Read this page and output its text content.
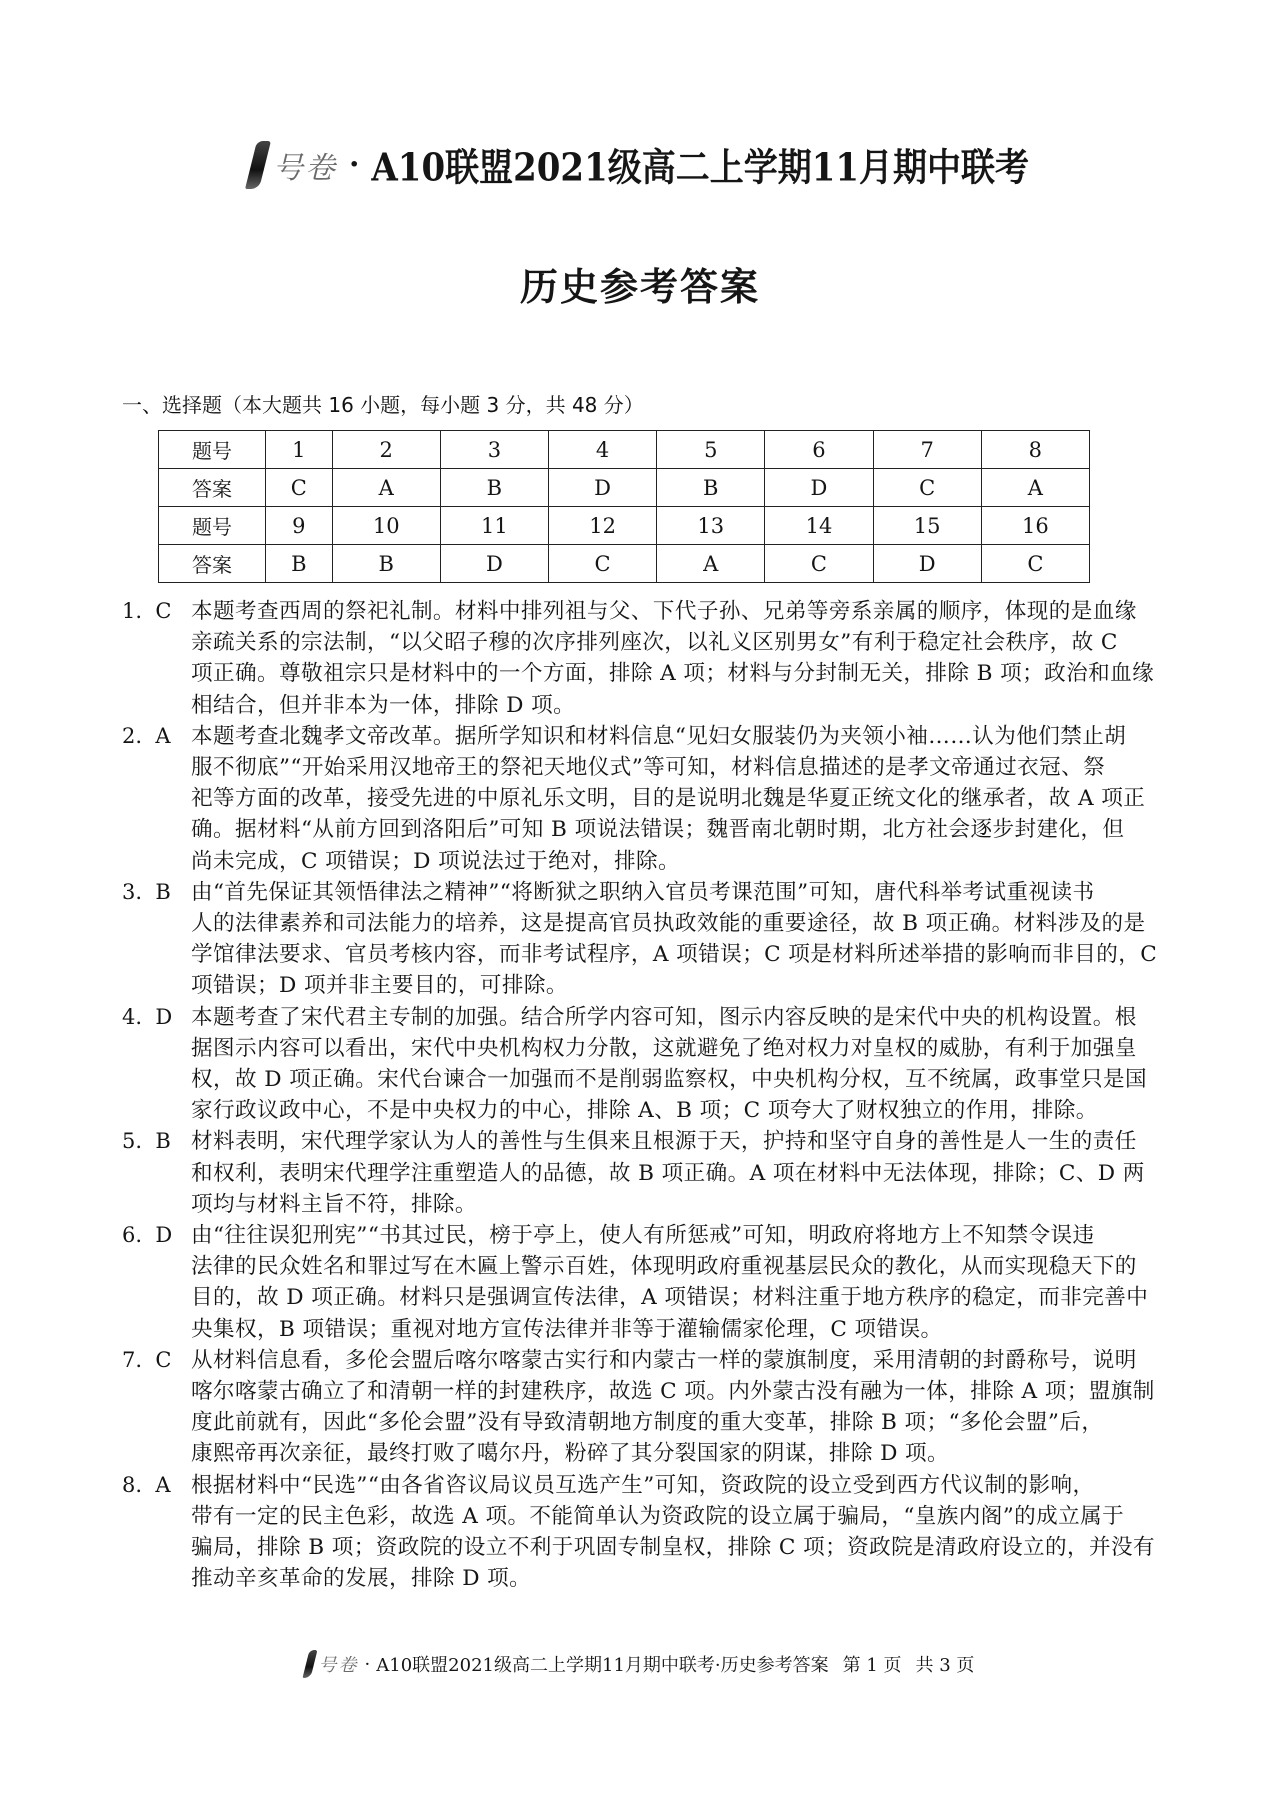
号卷 · A10联盟2021级高二上学期11月期中联考
历史参考答案
一、选择题（本大题共 16 小题，每小题 3 分，共 48 分）
题号	1	2	3	4	5	6	7	8
答案	C	A	B	D	B	D	C	A
题号	9	10	11	12	13	14	15	16
答案	B	B	D	C	A	C	D	C
1.  C 本题考查西周的祭祀礼制。材料中排列祖与父、下代子孙、兄弟等旁系亲属的顺序，体现的是血缘
亲疏关系的宗法制，“以父昭子穆的次序排列座次，以礼义区别男女”有利于稳定社会秩序，故 C
项正确。尊敬祖宗只是材料中的一个方面，排除 A 项；材料与分封制无关，排除 B 项；政治和血缘
相结合，但并非本为一体，排除 D 项。
2.  A 本题考查北魏孝文帝改革。据所学知识和材料信息“见妇女服装仍为夹领小袖……认为他们禁止胡
服不彻底”“开始采用汉地帝王的祭祀天地仪式”等可知，材料信息描述的是孝文帝通过衣冠、祭
祀等方面的改革，接受先进的中原礼乐文明，目的是说明北魏是华夏正统文化的继承者，故 A 项正
确。据材料“从前方回到洛阳后”可知 B 项说法错误；魏晋南北朝时期，北方社会逐步封建化，但
尚未完成，C 项错误；D 项说法过于绝对，排除。
3.  B 由“首先保证其领悟律法之精神”“将断狱之职纳入官员考课范围”可知，唐代科举考试重视读书
人的法律素养和司法能力的培养，这是提高官员执政效能的重要途径，故 B 项正确。材料涉及的是
学馆律法要求、官员考核内容，而非考试程序，A 项错误；C 项是材料所述举措的影响而非目的，C
项错误；D 项并非主要目的，可排除。
4.  D 本题考查了宋代君主专制的加强。结合所学内容可知，图示内容反映的是宋代中央的机构设置。根
据图示内容可以看出，宋代中央机构权力分散，这就避免了绝对权力对皇权的威胁，有利于加强皇
权，故 D 项正确。宋代台谏合一加强而不是削弱监察权，中央机构分权，互不统属，政事堂只是国
家行政议政中心，不是中央权力的中心，排除 A、B 项；C 项夸大了财权独立的作用，排除。
5.  B 材料表明，宋代理学家认为人的善性与生俱来且根源于天，护持和坚守自身的善性是人一生的责任
和权利，表明宋代理学注重塑造人的品德，故 B 项正确。A 项在材料中无法体现，排除；C、D 两
项均与材料主旨不符，排除。
6.  D 由“往往误犯刑宪”“书其过民，榜于亭上，使人有所惩戒”可知，明政府将地方上不知禁令误违
法律的民众姓名和罪过写在木匾上警示百姓，体现明政府重视基层民众的教化，从而实现稳天下的
目的，故 D 项正确。材料只是强调宣传法律，A 项错误；材料注重于地方秩序的稳定，而非完善中
央集权，B 项错误；重视对地方宣传法律并非等于灌输儒家伦理，C 项错误。
7.  C 从材料信息看，多伦会盟后喀尔喀蒙古实行和内蒙古一样的蒙旗制度，采用清朝的封爵称号，说明
喀尔喀蒙古确立了和清朝一样的封建秩序，故选 C 项。内外蒙古没有融为一体，排除 A 项；盟旗制
度此前就有，因此“多伦会盟”没有导致清朝地方制度的重大变革，排除 B 项；“多伦会盟”后，
康熙帝再次亲征，最终打败了噶尔丹，粉碎了其分裂国家的阴谋，排除 D 项。
8.  A 根据材料中“民选”“由各省咨议局议员互选产生”可知，资政院的设立受到西方代议制的影响，
带有一定的民主色彩，故选 A 项。不能简单认为资政院的设立属于骗局，“皇族内阁”的成立属于
骗局，排除 B 项；资政院的设立不利于巩固专制皇权，排除 C 项；资政院是清政府设立的，并没有
推动辛亥革命的发展，排除 D 项。
号卷 · A10联盟2021级高二上学期11月期中联考·历史参考答案 第 1 页 共 3 页
